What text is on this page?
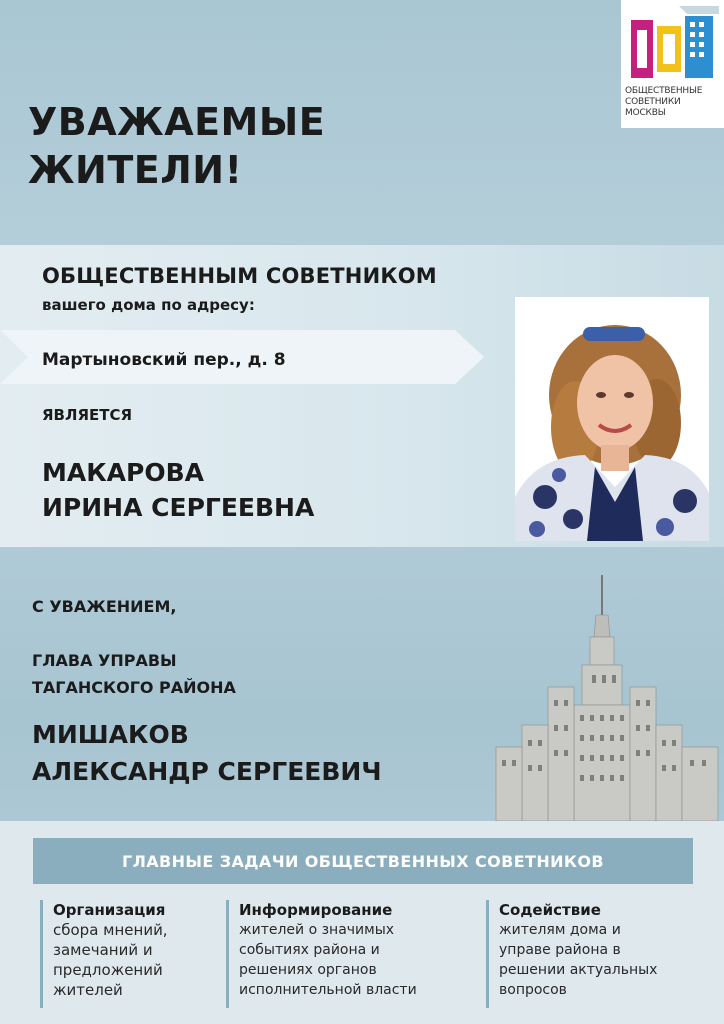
ОБЩЕСТВЕННЫЕ
СОВЕТНИКИ
МОСКВЫ
УВАЖАЕМЫЕ ЖИТЕЛИ!
ОБЩЕСТВЕННЫМ СОВЕТНИКОМ
вашего дома по адресу:
Мартыновский пер., д. 8
ЯВЛЯЕТСЯ
МАКАРОВА
ИРИНА СЕРГЕЕВНА
С УВАЖЕНИЕМ,
ГЛАВА УПРАВЫ
ТАГАНСКОГО РАЙОНА
МИШАКОВ
АЛЕКСАНДР СЕРГЕЕВИЧ
ГЛАВНЫЕ ЗАДАЧИ ОБЩЕСТВЕННЫХ СОВЕТНИКОВ
Организация
сбора мнений,
замечаний и
предложений
жителей
Информирование
жителей о значимых
событиях района и
решениях органов
исполнительной власти
Содействие
жителям дома и
управе района в
решении актуальных
вопросов
